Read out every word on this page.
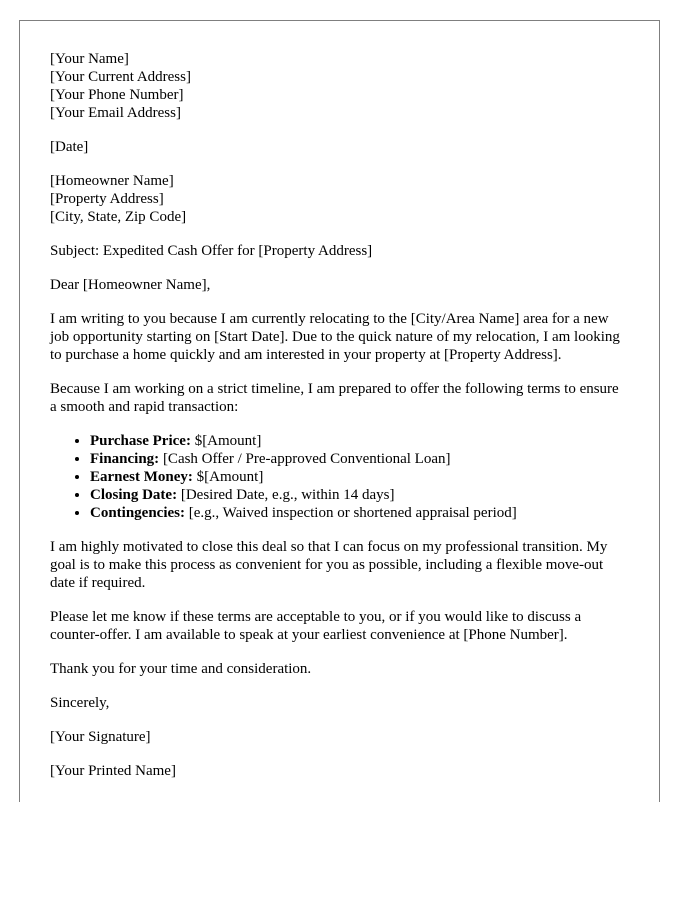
[Your Name]
[Your Current Address]
[Your Phone Number]
[Your Email Address]

[Date]

[Homeowner Name]
[Property Address]
[City, State, Zip Code]

Subject: Expedited Cash Offer for [Property Address]

Dear [Homeowner Name],

I am writing to you because I am currently relocating to the [City/Area Name] area for a new job opportunity starting on [Start Date]. Due to the quick nature of my relocation, I am looking to purchase a home quickly and am interested in your property at [Property Address].

Because I am working on a strict timeline, I am prepared to offer the following terms to ensure a smooth and rapid transaction:

• Purchase Price: $[Amount]
• Financing: [Cash Offer / Pre-approved Conventional Loan]
• Earnest Money: $[Amount]
• Closing Date: [Desired Date, e.g., within 14 days]
• Contingencies: [e.g., Waived inspection or shortened appraisal period]

I am highly motivated to close this deal so that I can focus on my professional transition. My goal is to make this process as convenient for you as possible, including a flexible move-out date if required.

Please let me know if these terms are acceptable to you, or if you would like to discuss a counter-offer. I am available to speak at your earliest convenience at [Phone Number].

Thank you for your time and consideration.

Sincerely,

[Your Signature]

[Your Printed Name]
